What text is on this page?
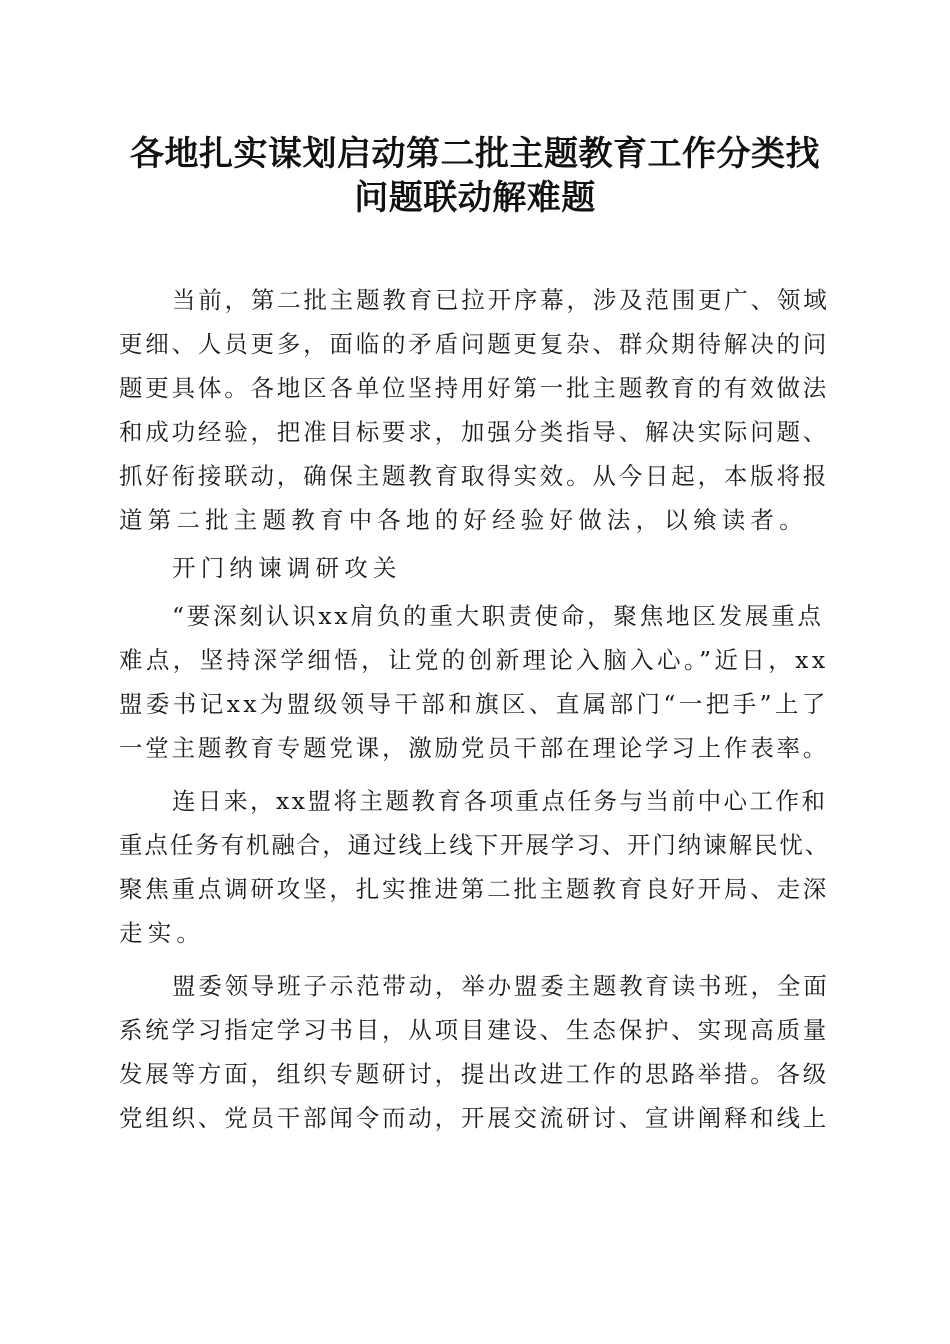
各地扎实谋划启动第二批主题教育工作分类找
问题联动解难题
当前，第二批主题教育已拉开序幕，涉及范围更广、领域
更细、人员更多，面临的矛盾问题更复杂、群众期待解决的问
题更具体。各地区各单位坚持用好第一批主题教育的有效做法
和成功经验，把准目标要求，加强分类指导、解决实际问题、
抓好衔接联动，确保主题教育取得实效。从今日起，本版将报
道第二批主题教育中各地的好经验好做法，以飨读者。
开门纳谏调研攻关
“要深刻认识xx肩负的重大职责使命，聚焦地区发展重点
难点，坚持深学细悟，让党的创新理论入脑入心。”近日，xx
盟委书记xx为盟级领导干部和旗区、直属部门“一把手”上了
一堂主题教育专题党课，激励党员干部在理论学习上作表率。
连日来，xx盟将主题教育各项重点任务与当前中心工作和
重点任务有机融合，通过线上线下开展学习、开门纳谏解民忧、
聚焦重点调研攻坚，扎实推进第二批主题教育良好开局、走深
走实。
盟委领导班子示范带动，举办盟委主题教育读书班，全面
系统学习指定学习书目，从项目建设、生态保护、实现高质量
发展等方面，组织专题研讨，提出改进工作的思路举措。各级
党组织、党员干部闻令而动，开展交流研讨、宣讲阐释和线上
